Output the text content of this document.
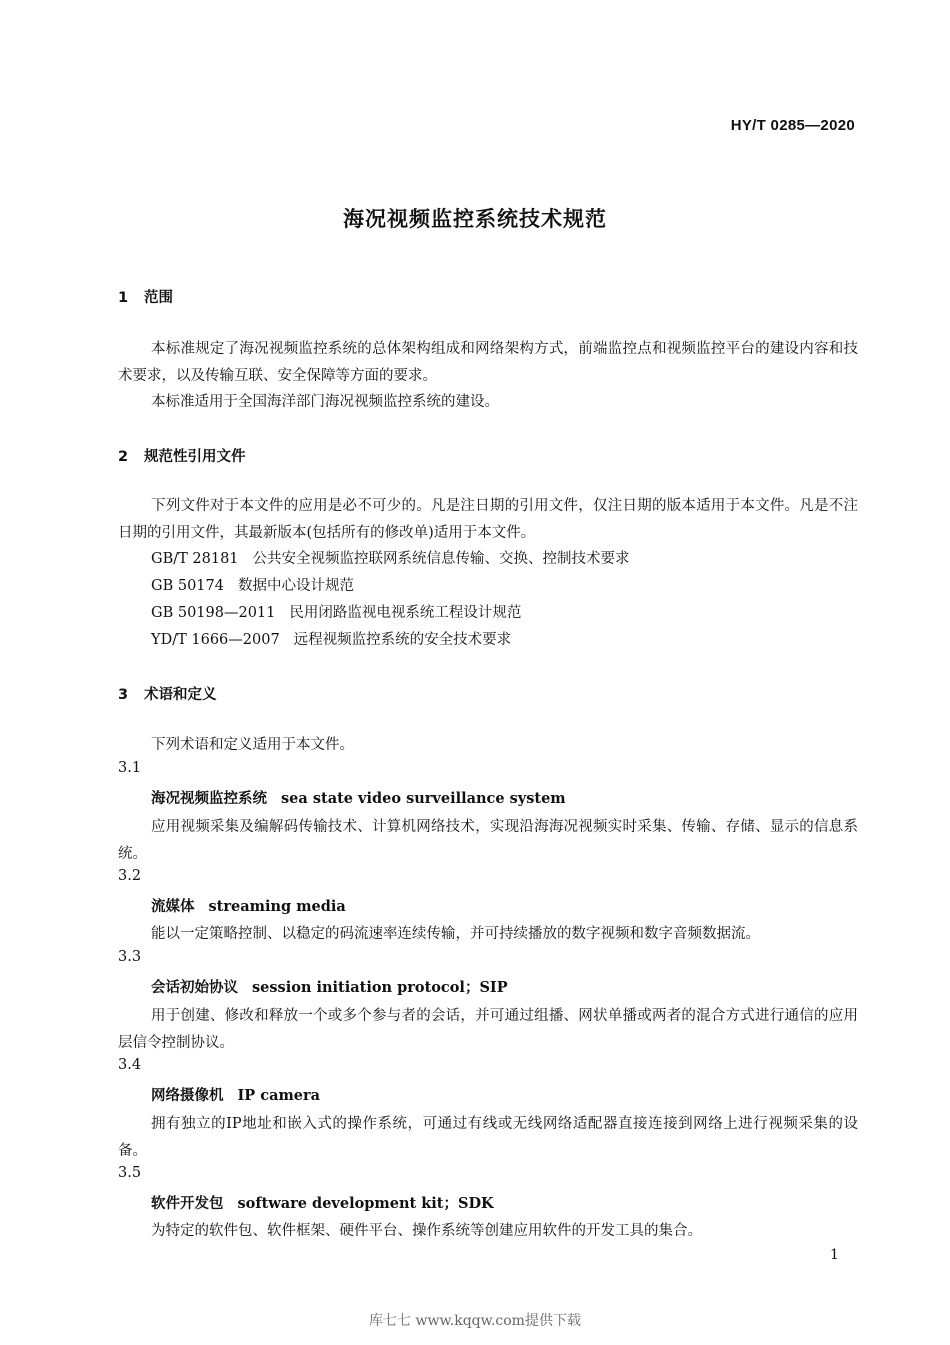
HY/T 0285—2020
海况视频监控系统技术规范
1 范围
本标准规定了海况视频监控系统的总体架构组成和网络架构方式，前端监控点和视频监控平台的建设内容和技术要求，以及传输互联、安全保障等方面的要求。
本标准适用于全国海洋部门海况视频监控系统的建设。
2 规范性引用文件
下列文件对于本文件的应用是必不可少的。凡是注日期的引用文件，仅注日期的版本适用于本文件。凡是不注日期的引用文件，其最新版本(包括所有的修改单)适用于本文件。
GB/T 28181 公共安全视频监控联网系统信息传输、交换、控制技术要求
GB 50174 数据中心设计规范
GB 50198—2011 民用闭路监视电视系统工程设计规范
YD/T 1666—2007 远程视频监控系统的安全技术要求
3 术语和定义
下列术语和定义适用于本文件。
3.1
海况视频监控系统 sea state video surveillance system
应用视频采集及编解码传输技术、计算机网络技术，实现沿海海况视频实时采集、传输、存储、显示的信息系统。
3.2
流媒体 streaming media
能以一定策略控制、以稳定的码流速率连续传输，并可持续播放的数字视频和数字音频数据流。
3.3
会话初始协议 session initiation protocol；SIP
用于创建、修改和释放一个或多个参与者的会话，并可通过组播、网状单播或两者的混合方式进行通信的应用层信令控制协议。
3.4
网络摄像机 IP camera
拥有独立的IP地址和嵌入式的操作系统，可通过有线或无线网络适配器直接连接到网络上进行视频采集的设备。
3.5
软件开发包 software development kit；SDK
为特定的软件包、软件框架、硬件平台、操作系统等创建应用软件的开发工具的集合。
1
库七七 www.kqqw.com提供下载
